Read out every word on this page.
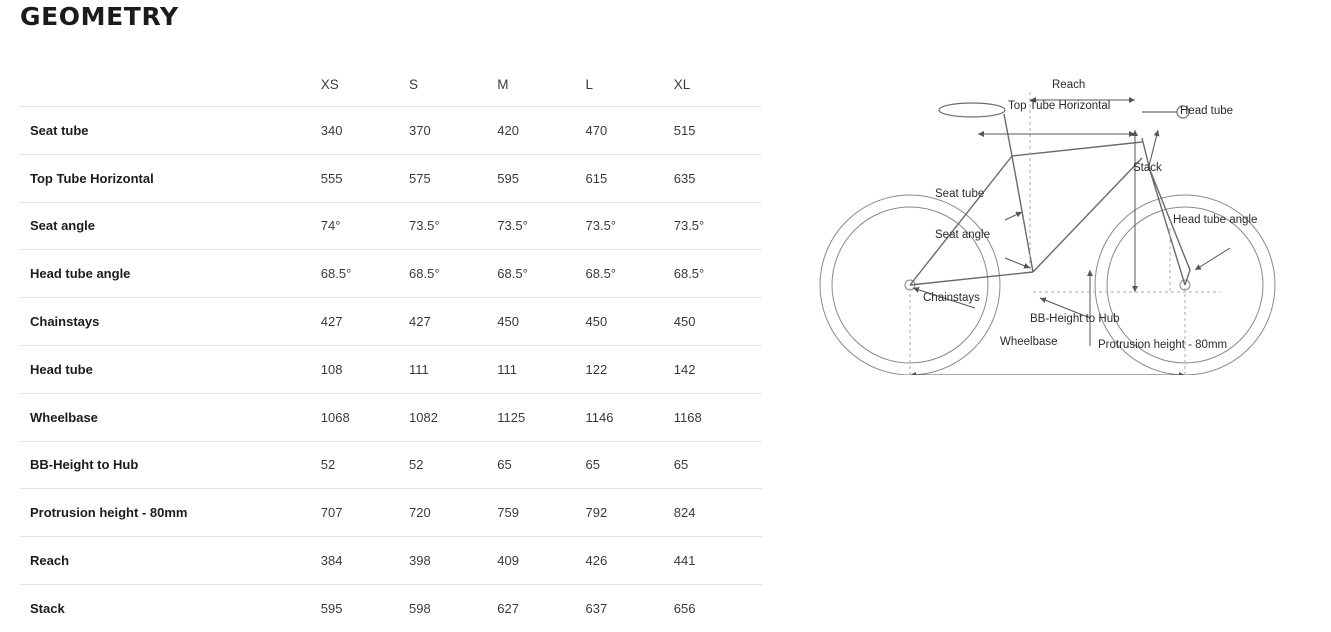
GEOMETRY
	XS	S	M	L	XL
Seat tube	340	370	420	470	515
Top Tube Horizontal	555	575	595	615	635
Seat angle	74°	73.5°	73.5°	73.5°	73.5°
Head tube angle	68.5°	68.5°	68.5°	68.5°	68.5°
Chainstays	427	427	450	450	450
Head tube	108	111	111	122	142
Wheelbase	1068	1082	1125	1146	1168
BB-Height to Hub	52	52	65	65	65
Protrusion height - 80mm	707	720	759	792	824
Reach	384	398	409	426	441
Stack	595	598	627	637	656
Reach
Top Tube Horizontal	Head tube
Seat tube
Stack
Seat angle
Head tube angle
Chainstays
BB-Height to Hub
Protrusion height - 80mm
Wheelbase
